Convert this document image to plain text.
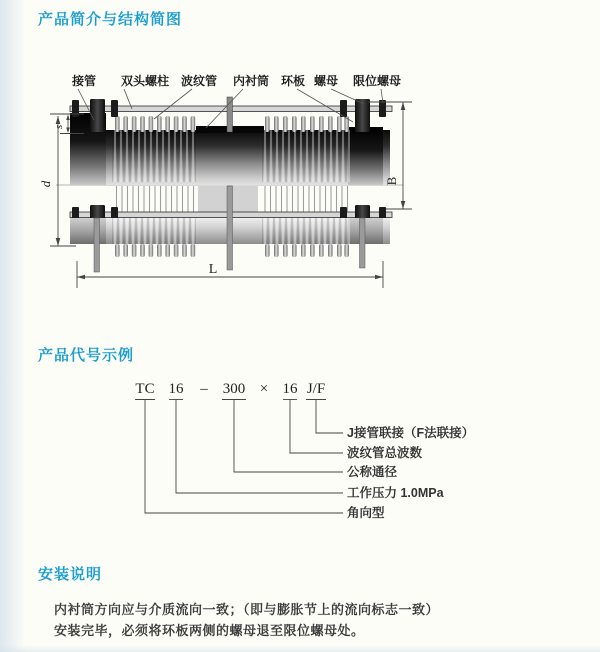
产品简介与结构简图
s
d	B
L
接管 双头螺柱 波纹管 内衬筒 环板 螺母 限位螺母
产品代号示例
TC 16 – 300 × 16 J/F
J接管联接（F法联接）
波纹管总波数
公称通径
工作压力 1.0MPa
角向型
安装说明

内衬筒方向应与介质流向一致；（即与膨胀节上的流向标志一致）

安装完毕，必须将环板两侧的螺母退至限位螺母处。
